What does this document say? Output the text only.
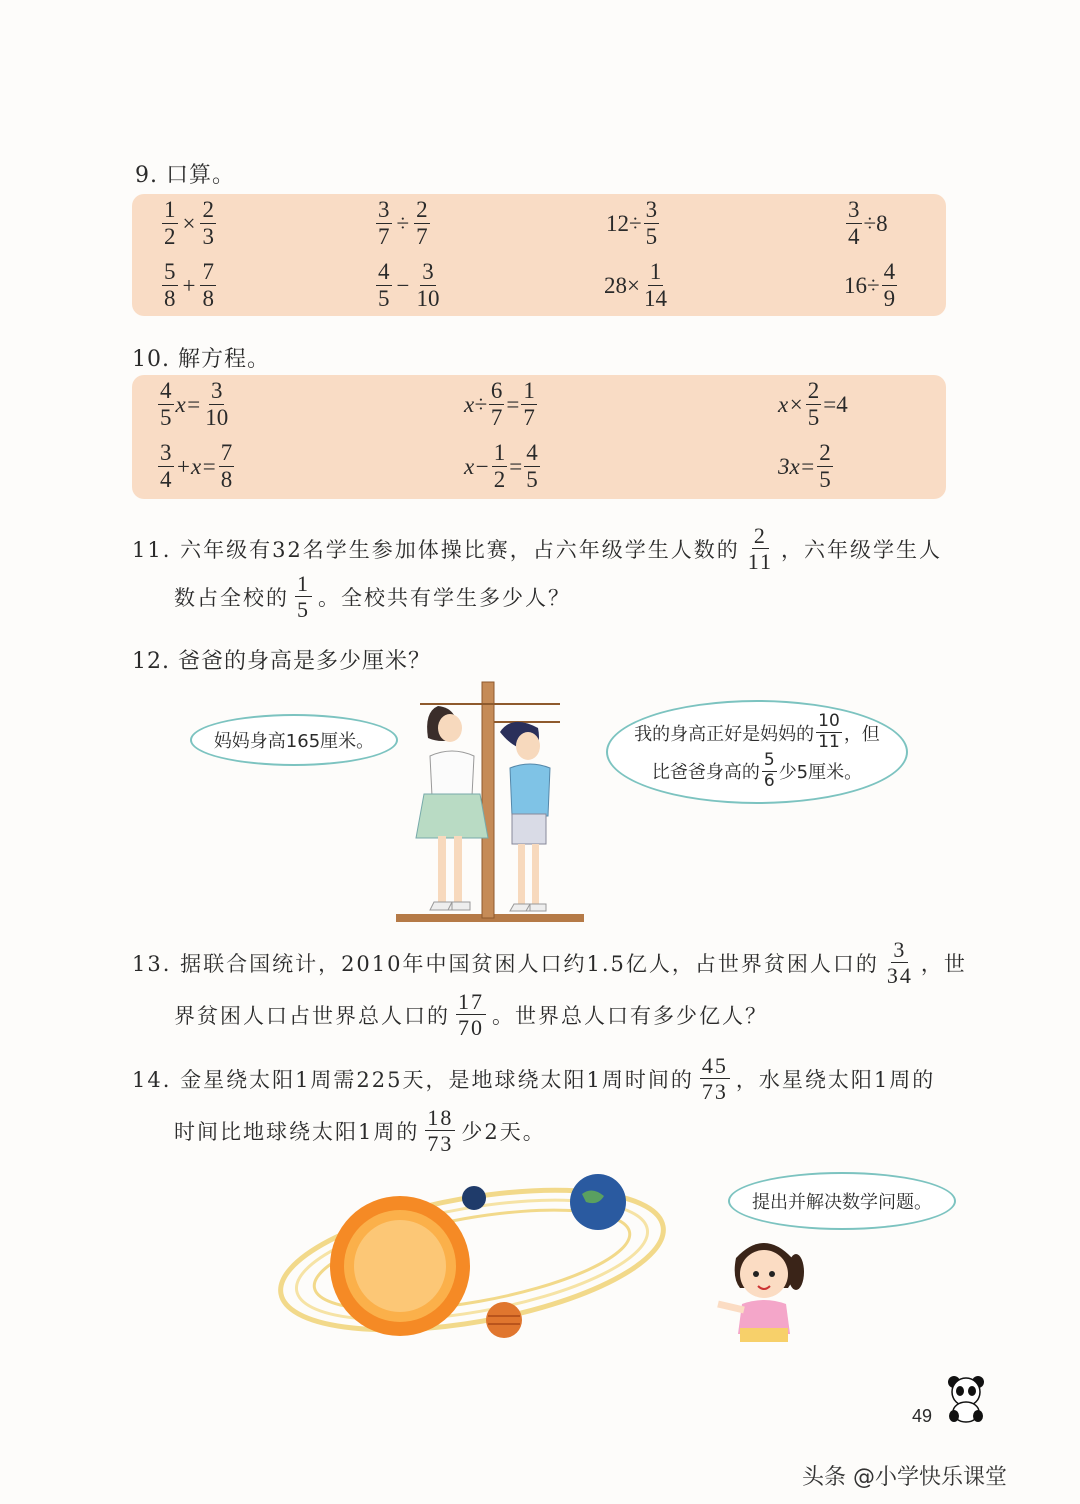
9. 口算。
$\frac{1}{2} \times \frac{2}{3}$	$\frac{3}{7} \div \frac{2}{7}$	$12\div \frac{3}{5}$	$\frac{3}{4} \div 8$
$\frac{5}{8} + \frac{7}{8}$	$\frac{4}{5} - \frac{3}{10}$	$28\times \frac{1}{14}$	$16\div \frac{4}{9}$
10. 解方程。
$\frac{4}{5} x= \frac{3}{10}$	$x\div \frac{6}{7} = \frac{1}{7}$	$x\times \frac{2}{5} =4$
$\frac{3}{4} +x= \frac{7}{8}$	$x- \frac{1}{2} = \frac{4}{5}$	$3x= \frac{2}{5}$
11. 六年级有32名学生参加体操比赛，占六年级学生人数的 $\frac{2}{11}$ ，六年级学生人
数占全校的 $\frac{1}{5}$ 。全校共有学生多少人？
12. 爸爸的身高是多少厘米？
妈妈身高165厘米。	我的身高正好是妈妈的 $\frac{10}{11}$ ，但
比爸爸身高的 $\frac{5}{6}$ 少5厘米。
13. 据联合国统计，2010年中国贫困人口约1.5亿人，占世界贫困人口的 $\frac{3}{34}$ ，世
界贫困人口占世界总人口的 $\frac{17}{70}$ 。世界总人口有多少亿人？
14. 金星绕太阳1周需225天，是地球绕太阳1周时间的 $\frac{45}{73}$ ，水星绕太阳1周的
时间比地球绕太阳1周的 $\frac{18}{73}$ 少2天。
提出并解决数学问题。
49
头条 @小学快乐课堂
